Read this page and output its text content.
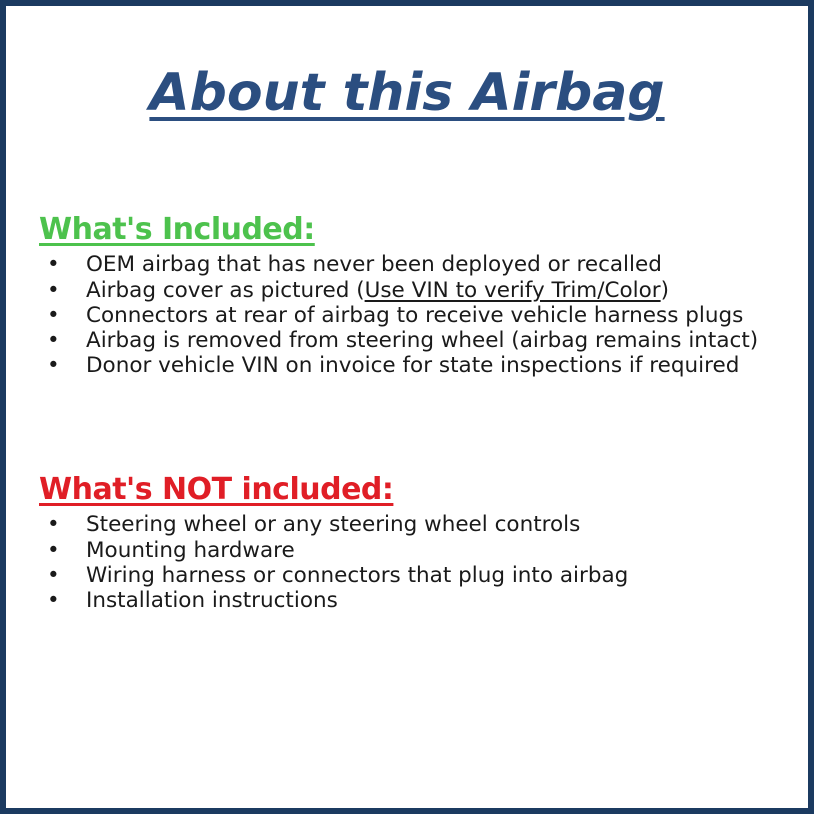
About this Airbag
What's Included:
• OEM airbag that has never been deployed or recalled
• Airbag cover as pictured (Use VIN to verify Trim/Color)
• Connectors at rear of airbag to receive vehicle harness plugs
• Airbag is removed from steering wheel (airbag remains intact)
• Donor vehicle VIN on invoice for state inspections if required
What's NOT included:
• Steering wheel or any steering wheel controls
• Mounting hardware
• Wiring harness or connectors that plug into airbag
• Installation instructions
